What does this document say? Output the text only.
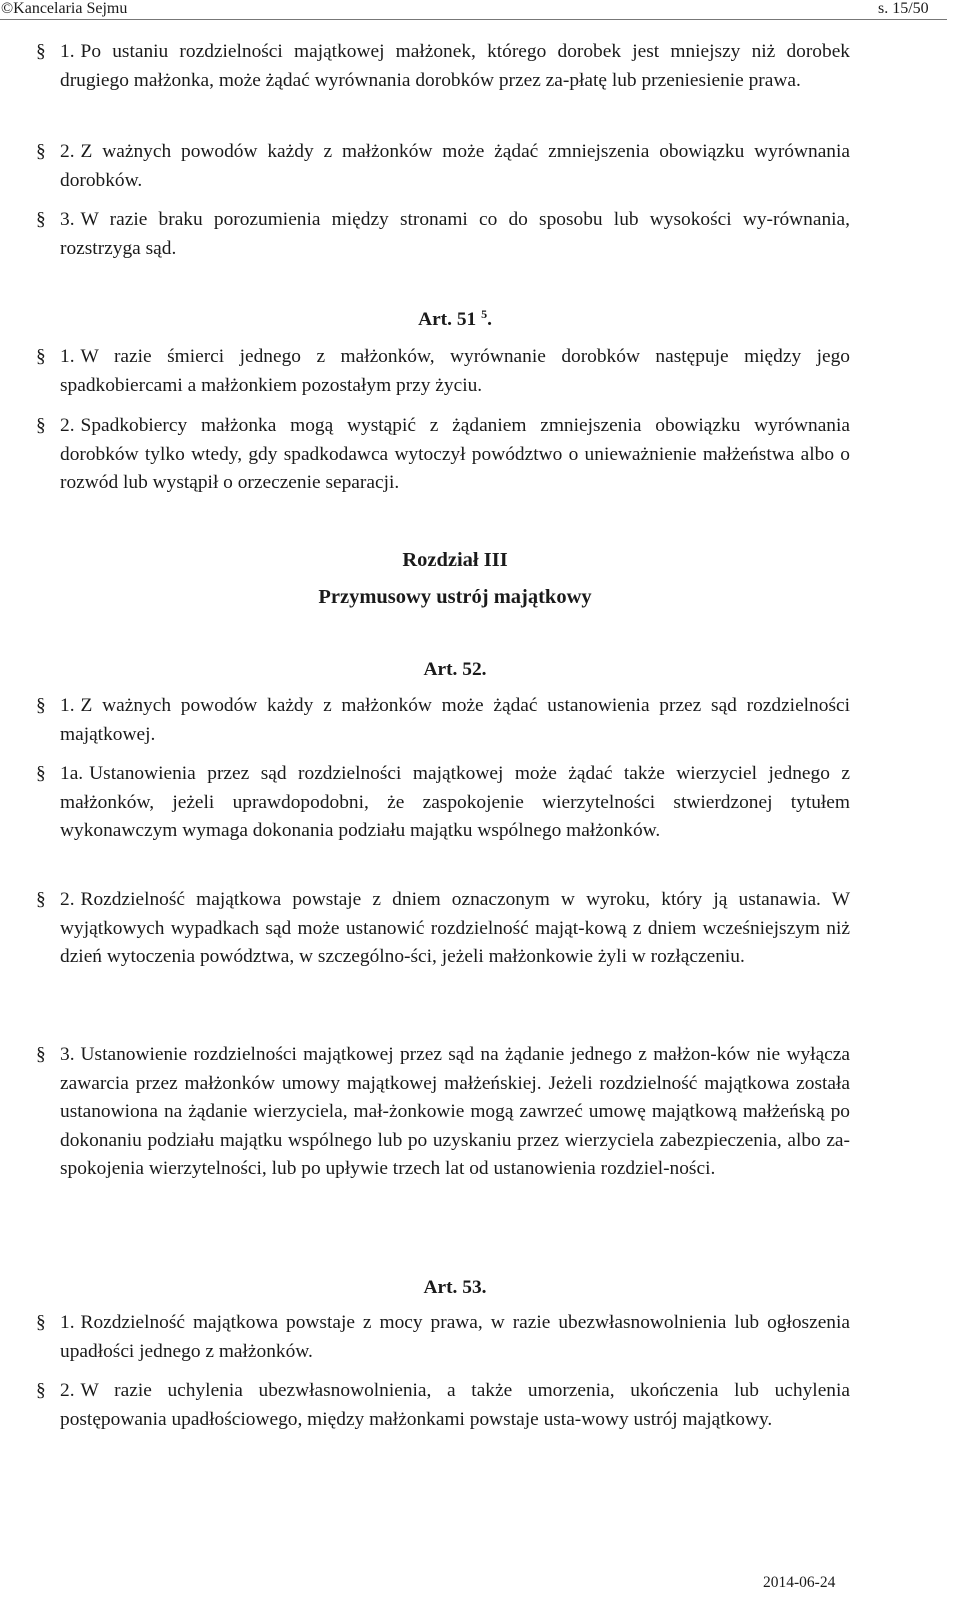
©Kancelaria Sejmu	s. 15/50
§ 1. Po ustaniu rozdzielności majątkowej małżonek, którego dorobek jest mniejszy niż dorobek drugiego małżonka, może żądać wyrównania dorobków przez za-płatę lub przeniesienie prawa.
§ 2. Z ważnych powodów każdy z małżonków może żądać zmniejszenia obowiązku wyrównania dorobków.
§ 3. W razie braku porozumienia między stronami co do sposobu lub wysokości wy-równania, rozstrzyga sąd.
Art. 51 $^5$.
§ 1. W razie śmierci jednego z małżonków, wyrównanie dorobków następuje między jego spadkobiercami a małżonkiem pozostałym przy życiu.
§ 2. Spadkobiercy małżonka mogą wystąpić z żądaniem zmniejszenia obowiązku wyrównania dorobków tylko wtedy, gdy spadkodawca wytoczył powództwo o unieważnienie małżeństwa albo o rozwód lub wystąpił o orzeczenie separacji.
Rozdział III
Przymusowy ustrój majątkowy
Art. 52.
§ 1. Z ważnych powodów każdy z małżonków może żądać ustanowienia przez sąd rozdzielności majątkowej.
§ 1a. Ustanowienia przez sąd rozdzielności majątkowej może żądać także wierzyciel jednego z małżonków, jeżeli uprawdopodobni, że zaspokojenie wierzytelności stwierdzonej tytułem wykonawczym wymaga dokonania podziału majątku wspólnego małżonków.
§ 2. Rozdzielność majątkowa powstaje z dniem oznaczonym w wyroku, który ją ustanawia. W wyjątkowych wypadkach sąd może ustanowić rozdzielność mająt-kową z dniem wcześniejszym niż dzień wytoczenia powództwa, w szczególno-ści, jeżeli małżonkowie żyli w rozłączeniu.
§ 3. Ustanowienie rozdzielności majątkowej przez sąd na żądanie jednego z małżon-ków nie wyłącza zawarcia przez małżonków umowy majątkowej małżeńskiej. Jeżeli rozdzielność majątkowa została ustanowiona na żądanie wierzyciela, mał-żonkowie mogą zawrzeć umowę majątkową małżeńską po dokonaniu podziału majątku wspólnego lub po uzyskaniu przez wierzyciela zabezpieczenia, albo za-spokojenia wierzytelności, lub po upływie trzech lat od ustanowienia rozdziel-ności.
Art. 53.
§ 1. Rozdzielność majątkowa powstaje z mocy prawa, w razie ubezwłasnowolnienia lub ogłoszenia upadłości jednego z małżonków.
§ 2. W razie uchylenia ubezwłasnowolnienia, a także umorzenia, ukończenia lub uchylenia postępowania upadłościowego, między małżonkami powstaje usta-wowy ustrój majątkowy.
2014-06-24
